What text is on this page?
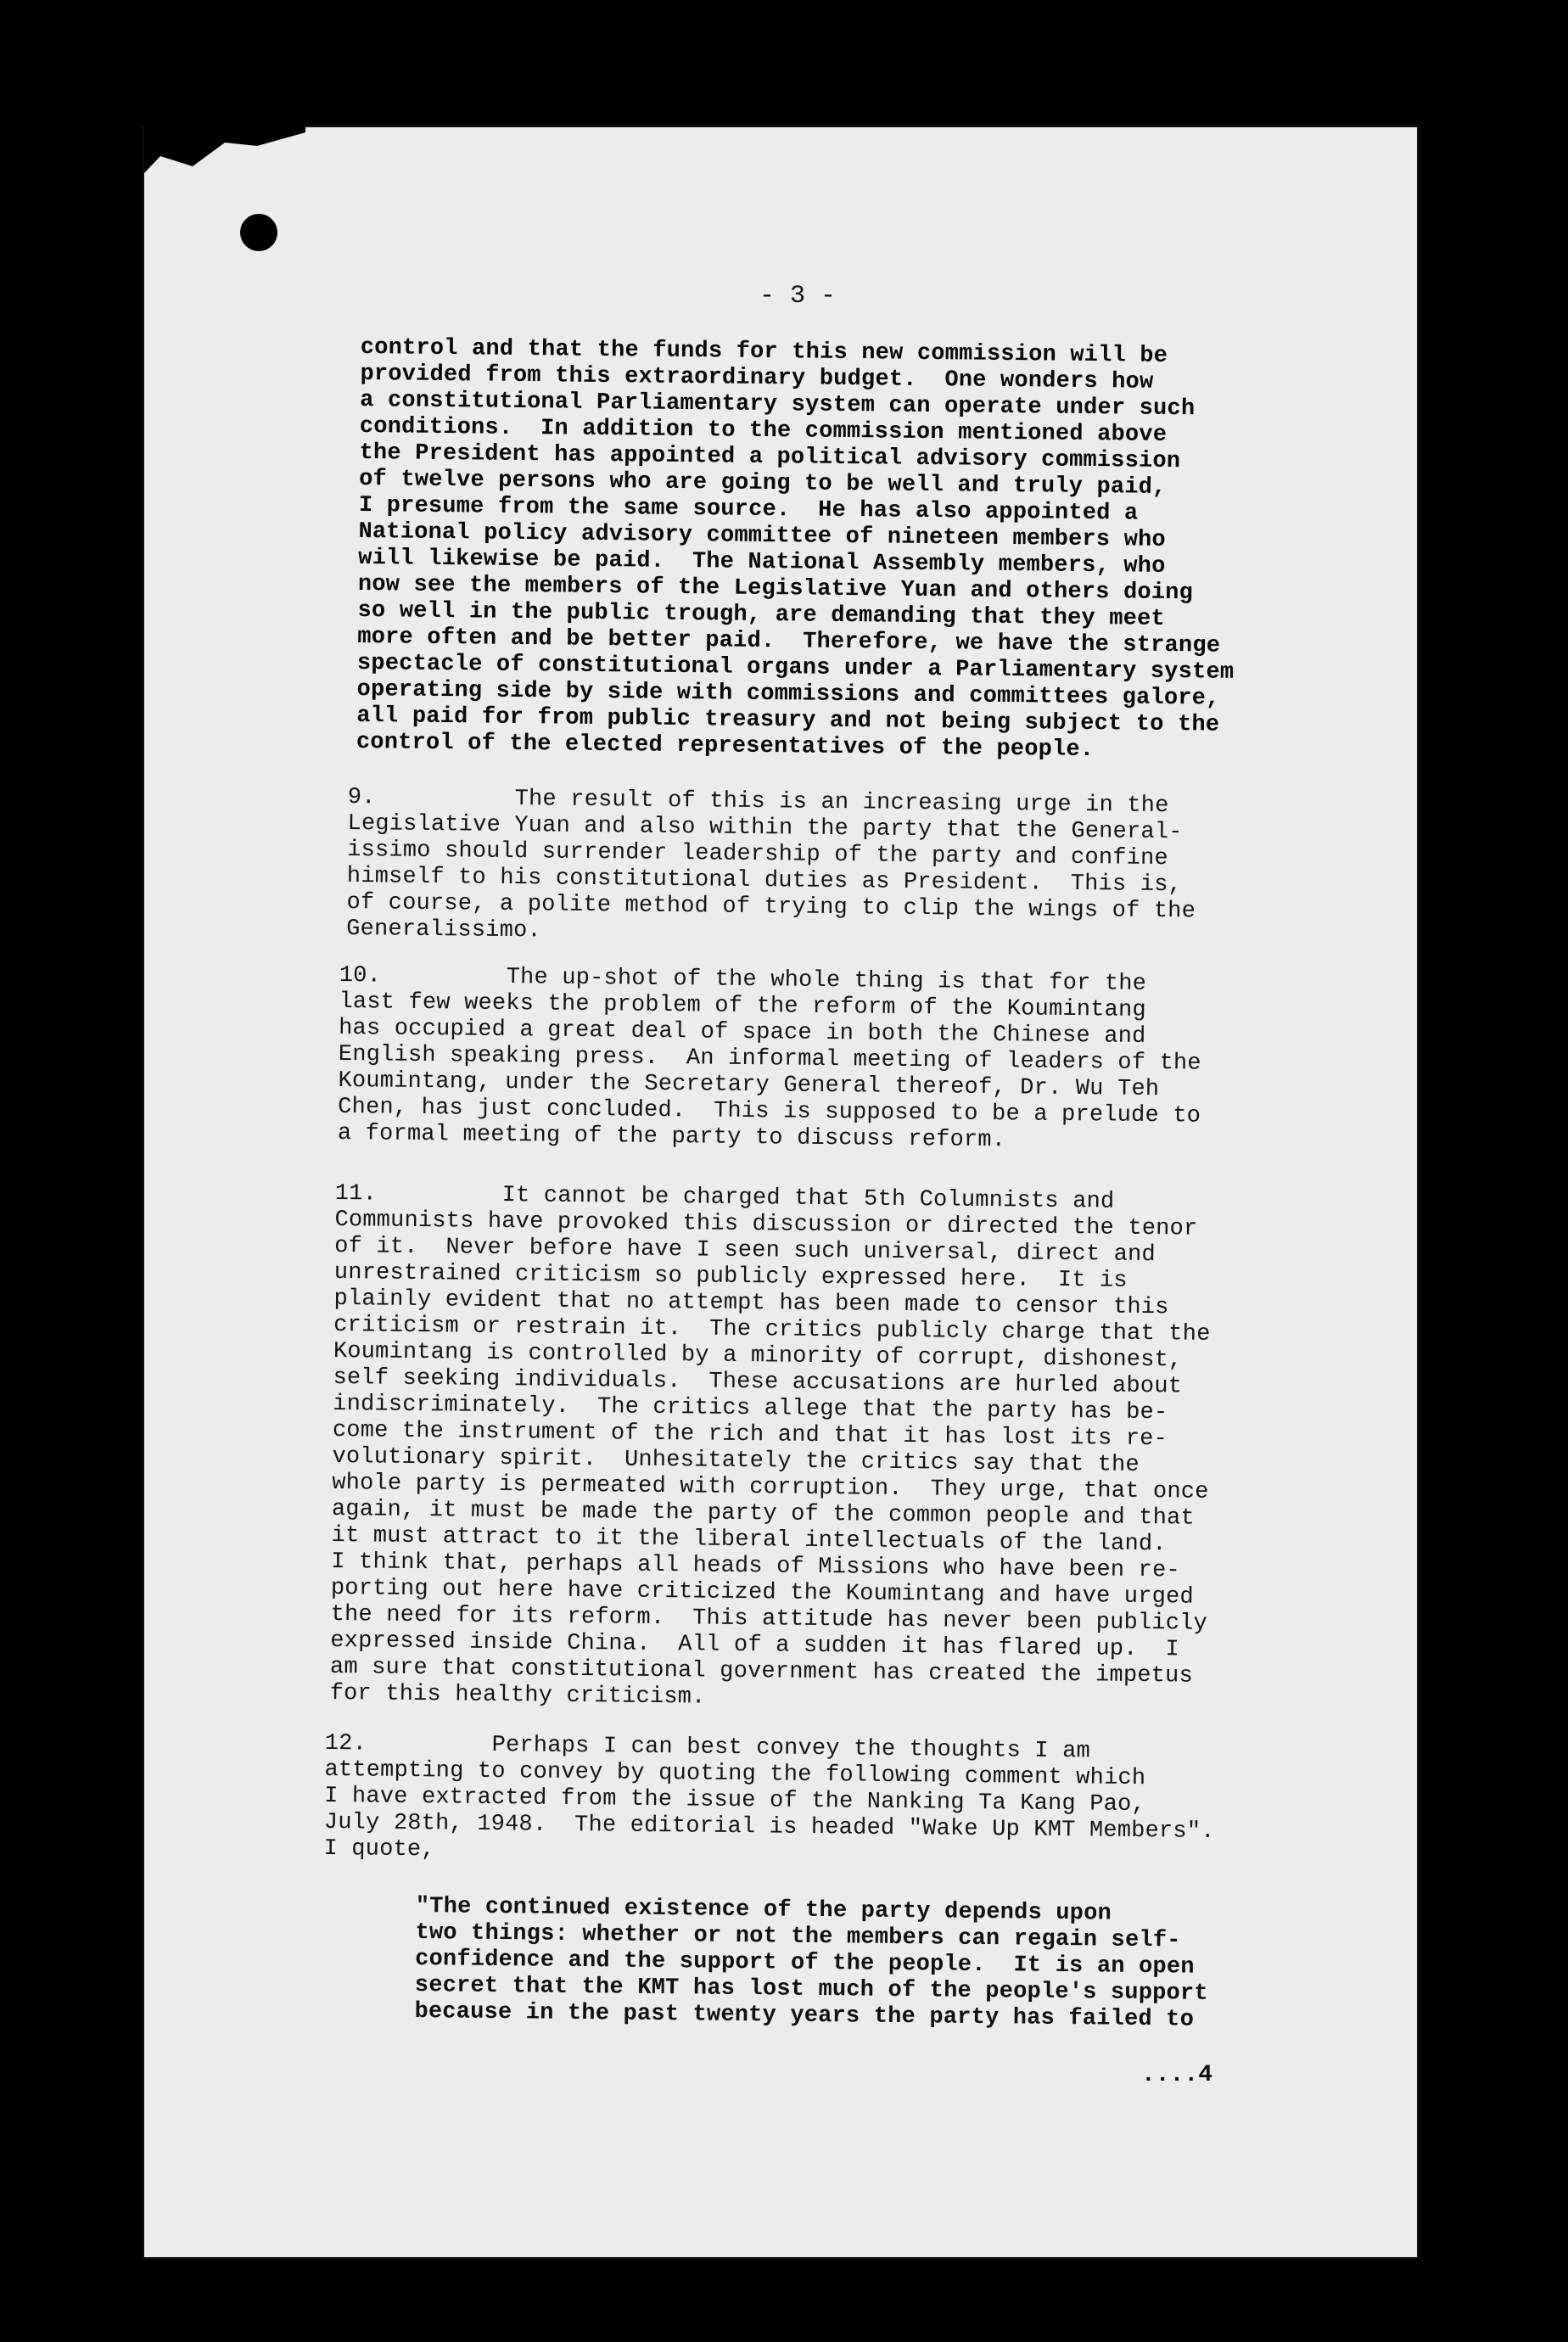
- 3 -
control and that the funds for this new commission will be
provided from this extraordinary budget.  One wonders how
a constitutional Parliamentary system can operate under such
conditions.  In addition to the commission mentioned above
the President has appointed a political advisory commission
of twelve persons who are going to be well and truly paid,
I presume from the same source.  He has also appointed a
National policy advisory committee of nineteen members who
will likewise be paid.  The National Assembly members, who
now see the members of the Legislative Yuan and others doing
so well in the public trough, are demanding that they meet
more often and be better paid.  Therefore, we have the strange
spectacle of constitutional organs under a Parliamentary system
operating side by side with commissions and committees galore,
all paid for from public treasury and not being subject to the
control of the elected representatives of the people.
9.          The result of this is an increasing urge in the
Legislative Yuan and also within the party that the General-
issimo should surrender leadership of the party and confine
himself to his constitutional duties as President.  This is,
of course, a polite method of trying to clip the wings of the
Generalissimo.
10.         The up-shot of the whole thing is that for the
last few weeks the problem of the reform of the Koumintang
has occupied a great deal of space in both the Chinese and
English speaking press.  An informal meeting of leaders of the
Koumintang, under the Secretary General thereof, Dr. Wu Teh
Chen, has just concluded.  This is supposed to be a prelude to
a formal meeting of the party to discuss reform.
11.         It cannot be charged that 5th Columnists and
Communists have provoked this discussion or directed the tenor
of it.  Never before have I seen such universal, direct and
unrestrained criticism so publicly expressed here.  It is
plainly evident that no attempt has been made to censor this
criticism or restrain it.  The critics publicly charge that the
Koumintang is controlled by a minority of corrupt, dishonest,
self seeking individuals.  These accusations are hurled about
indiscriminately.  The critics allege that the party has be-
come the instrument of the rich and that it has lost its re-
volutionary spirit.  Unhesitately the critics say that the
whole party is permeated with corruption.  They urge, that once
again, it must be made the party of the common people and that
it must attract to it the liberal intellectuals of the land.
I think that, perhaps all heads of Missions who have been re-
porting out here have criticized the Koumintang and have urged
the need for its reform.  This attitude has never been publicly
expressed inside China.  All of a sudden it has flared up.  I
am sure that constitutional government has created the impetus
for this healthy criticism.
12.         Perhaps I can best convey the thoughts I am
attempting to convey by quoting the following comment which
I have extracted from the issue of the Nanking Ta Kang Pao,
July 28th, 1948.  The editorial is headed "Wake Up KMT Members".
I quote,
"The continued existence of the party depends upon
two things: whether or not the members can regain self-
confidence and the support of the people.  It is an open
secret that the KMT has lost much of the people's support
because in the past twenty years the party has failed to
....4
